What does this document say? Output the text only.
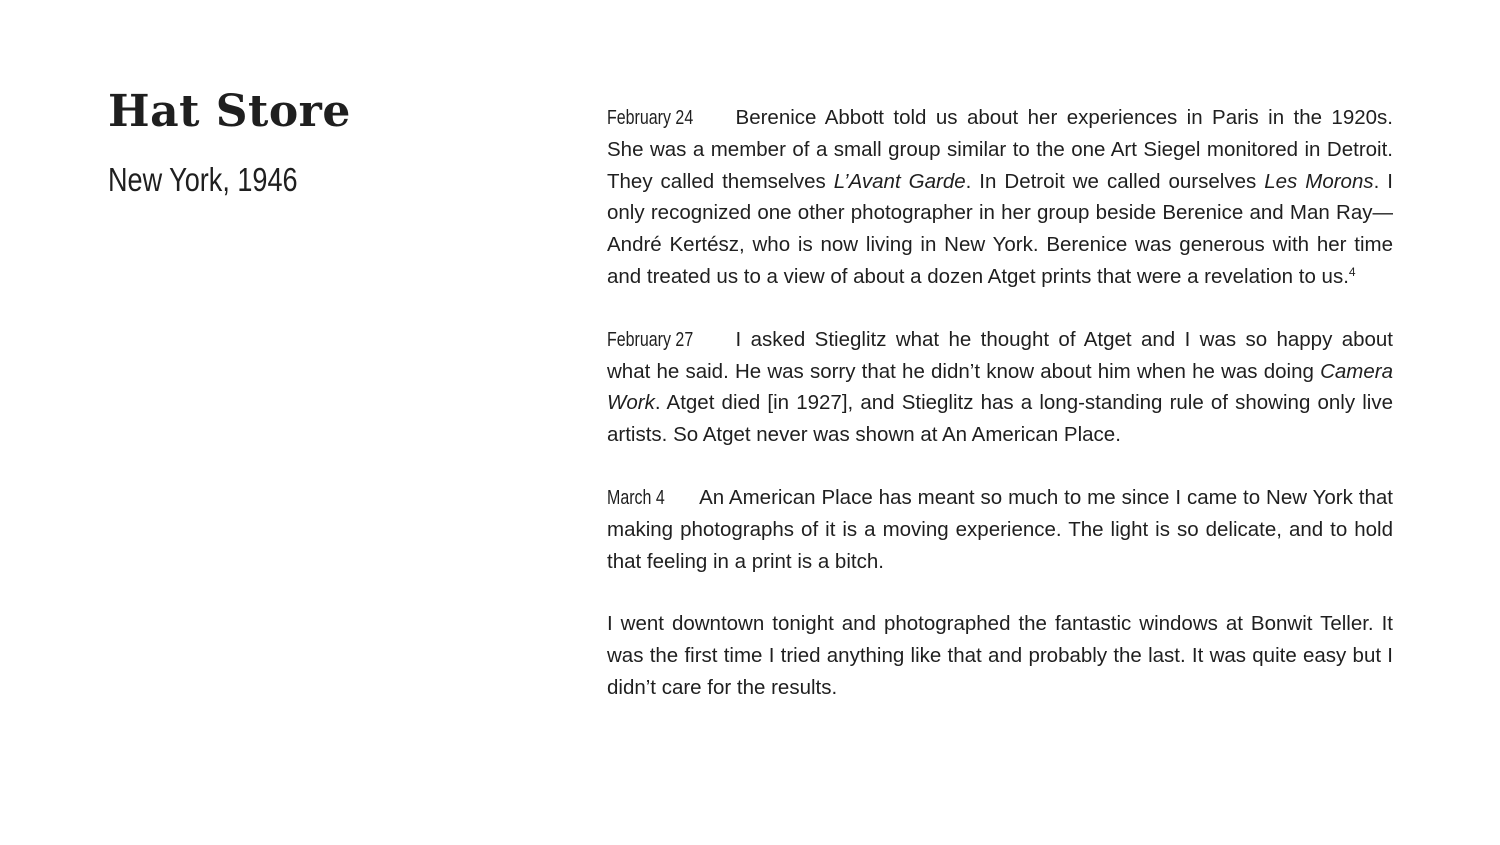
Hat Store
New York, 1946

February 24 Berenice Abbott told us about her experiences in Paris in the 1920s. She was a member of a small group similar to the one Art Siegel monitored in Detroit. They called themselves L’Avant Garde. In Detroit we called ourselves Les Morons. I only recognized one other photographer in her group beside Berenice and Man Ray—André Kertész, who is now living in New York. Berenice was generous with her time and treated us to a view of about a dozen Atget prints that were a revelation to us.$^4$

February 27 I asked Stieglitz what he thought of Atget and I was so happy about what he said. He was sorry that he didn’t know about him when he was doing Camera Work. Atget died [in 1927], and Stieglitz has a long-standing rule of showing only live artists. So Atget never was shown at An American Place.

March 4 An American Place has meant so much to me since I came to New York that making photographs of it is a moving experience. The light is so delicate, and to hold that feeling in a print is a bitch.

I went downtown tonight and photographed the fantastic windows at Bonwit Teller. It was the first time I tried anything like that and probably the last. It was quite easy but I didn’t care for the results.
